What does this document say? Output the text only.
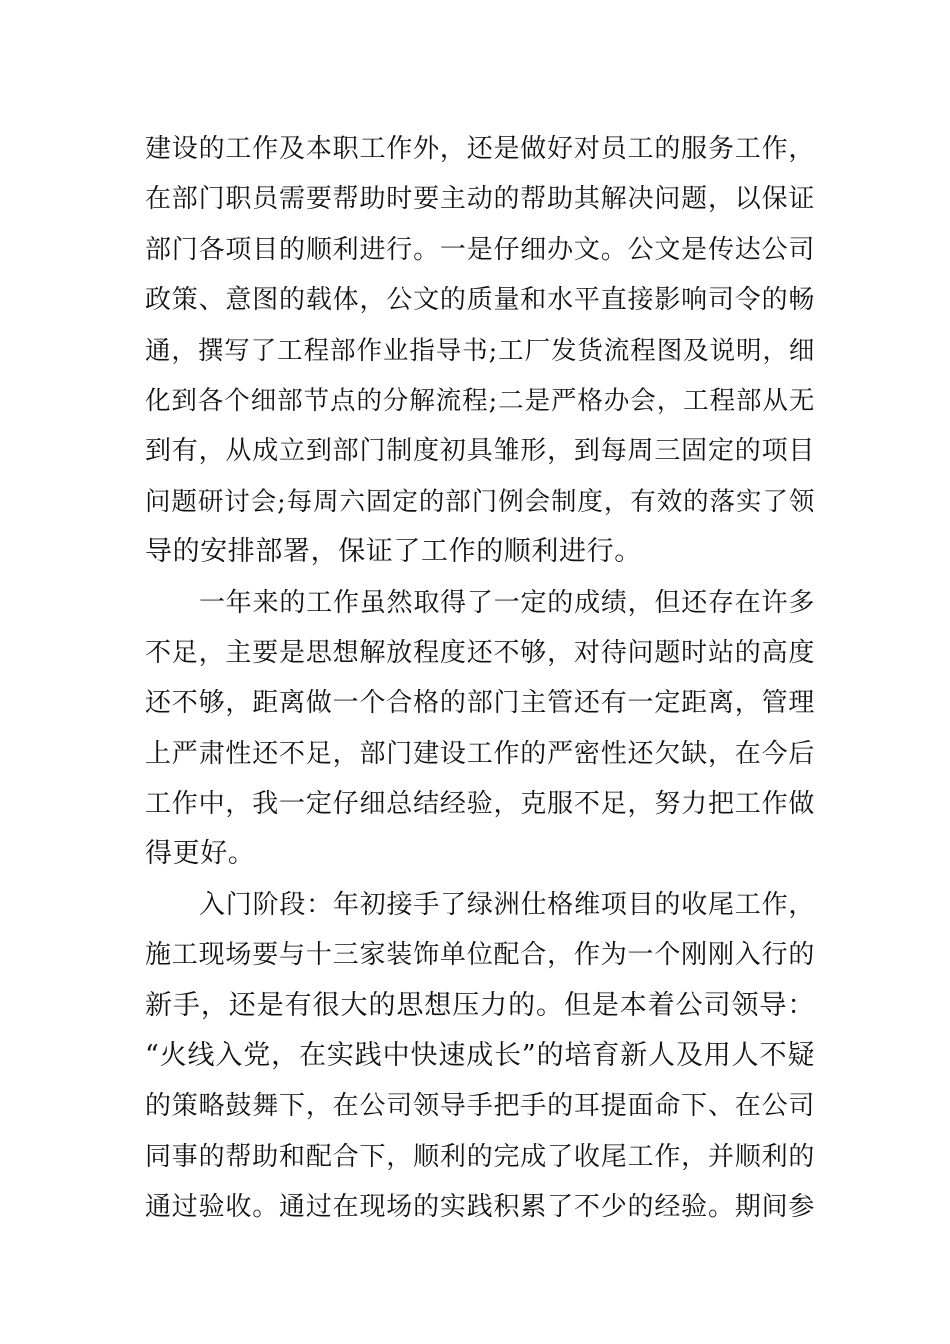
建设的工作及本职工作外，还是做好对员工的服务工作，
在部门职员需要帮助时要主动的帮助其解决问题，以保证
部门各项目的顺利进行。一是仔细办文。公文是传达公司
政策、意图的载体，公文的质量和水平直接影响司令的畅
通，撰写了工程部作业指导书;工厂发货流程图及说明，细
化到各个细部节点的分解流程;二是严格办会，工程部从无
到有，从成立到部门制度初具雏形，到每周三固定的项目
问题研讨会;每周六固定的部门例会制度，有效的落实了领
导的安排部署，保证了工作的顺利进行。
一年来的工作虽然取得了一定的成绩，但还存在许多
不足，主要是思想解放程度还不够，对待问题时站的高度
还不够，距离做一个合格的部门主管还有一定距离，管理
上严肃性还不足，部门建设工作的严密性还欠缺，在今后
工作中，我一定仔细总结经验，克服不足，努力把工作做
得更好。
入门阶段：年初接手了绿洲仕格维项目的收尾工作，
施工现场要与十三家装饰单位配合，作为一个刚刚入行的
新手，还是有很大的思想压力的。但是本着公司领导：
“火线入党，在实践中快速成长”的培育新人及用人不疑
的策略鼓舞下，在公司领导手把手的耳提面命下、在公司
同事的帮助和配合下，顺利的完成了收尾工作，并顺利的
通过验收。通过在现场的实践积累了不少的经验。期间参
